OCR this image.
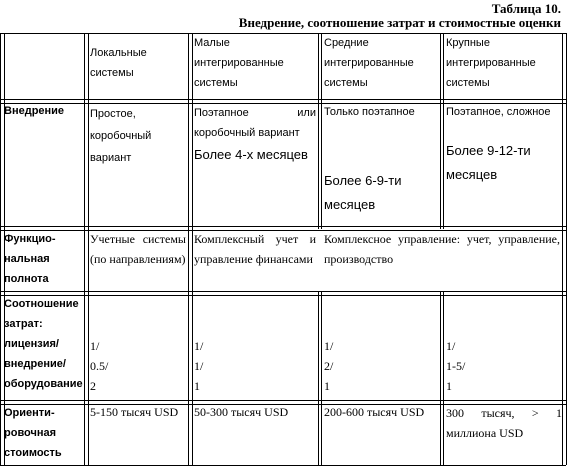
Таблица 10.
Внедрение, соотношение затрат и стоимостные оценки
Локальные
системы
Малые
интегрированные
системы
Средние
интегрированные
системы
Крупные
интегрированные
системы
Внедрение Простое,
коробочный
вариант
Поэтапное	или
коробочный вариант
Более 4-х месяцев
Только поэтапное
Более 6-9-ти
месяцев
Поэтапное, сложное
Более 9-12-ти
месяцев
Функцио-
нальная
полнота
Учетные системы
(по направлениям)
Комплексный учет и
управление финансами
Комплексное управление: учет, управление,
производство
Соотношение
затрат:
лицензия/
внедрение/
оборудование
1/
0.5/
2
1/
1/
1
1/
2/
1
1/
1-5/
1
Ориенти-
ровочная
стоимость
5-150 тысяч USD 50-300 тысяч USD	200-600 тысяч USD 300 тысяч, > 1
миллиона USD
